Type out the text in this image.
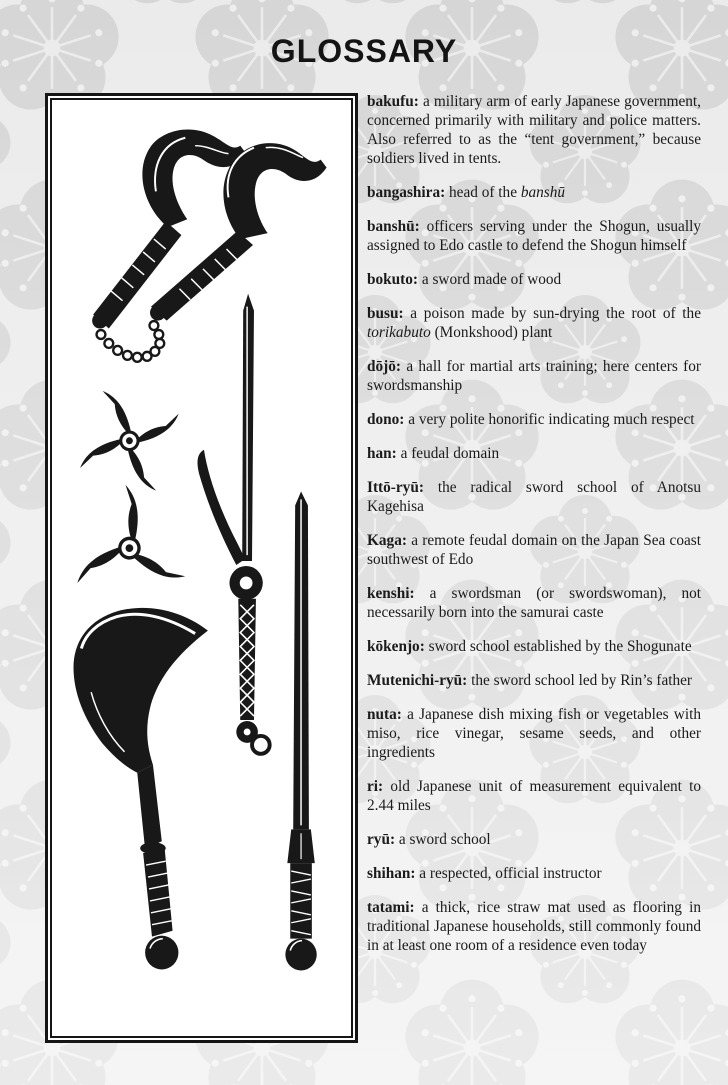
GLOSSARY

bakufu: a military arm of early Japanese government, concerned primarily with military and police matters. Also referred to as the “tent government,” because soldiers lived in tents.

bangashira: head of the banshū

banshū: officers serving under the Shogun, usually assigned to Edo castle to defend the Shogun himself

bokuto: a sword made of wood

busu: a poison made by sun-drying the root of the torikabuto (Monkshood) plant

dōjō: a hall for martial arts training; here centers for swordsmanship

dono: a very polite honorific indicating much respect

han: a feudal domain

Ittō-ryū: the radical sword school of Anotsu Kagehisa

Kaga: a remote feudal domain on the Japan Sea coast southwest of Edo

kenshi: a swordsman (or swordswoman), not necessarily born into the samurai caste

kōkenjo: sword school established by the Shogunate

Mutenichi-ryū: the sword school led by Rin’s father

nuta: a Japanese dish mixing fish or vegetables with miso, rice vinegar, sesame seeds, and other ingredients

ri: old Japanese unit of measurement equivalent to 2.44 miles

ryū: a sword school

shihan: a respected, official instructor

tatami: a thick, rice straw mat used as flooring in traditional Japanese households, still commonly found in at least one room of a residence even today
